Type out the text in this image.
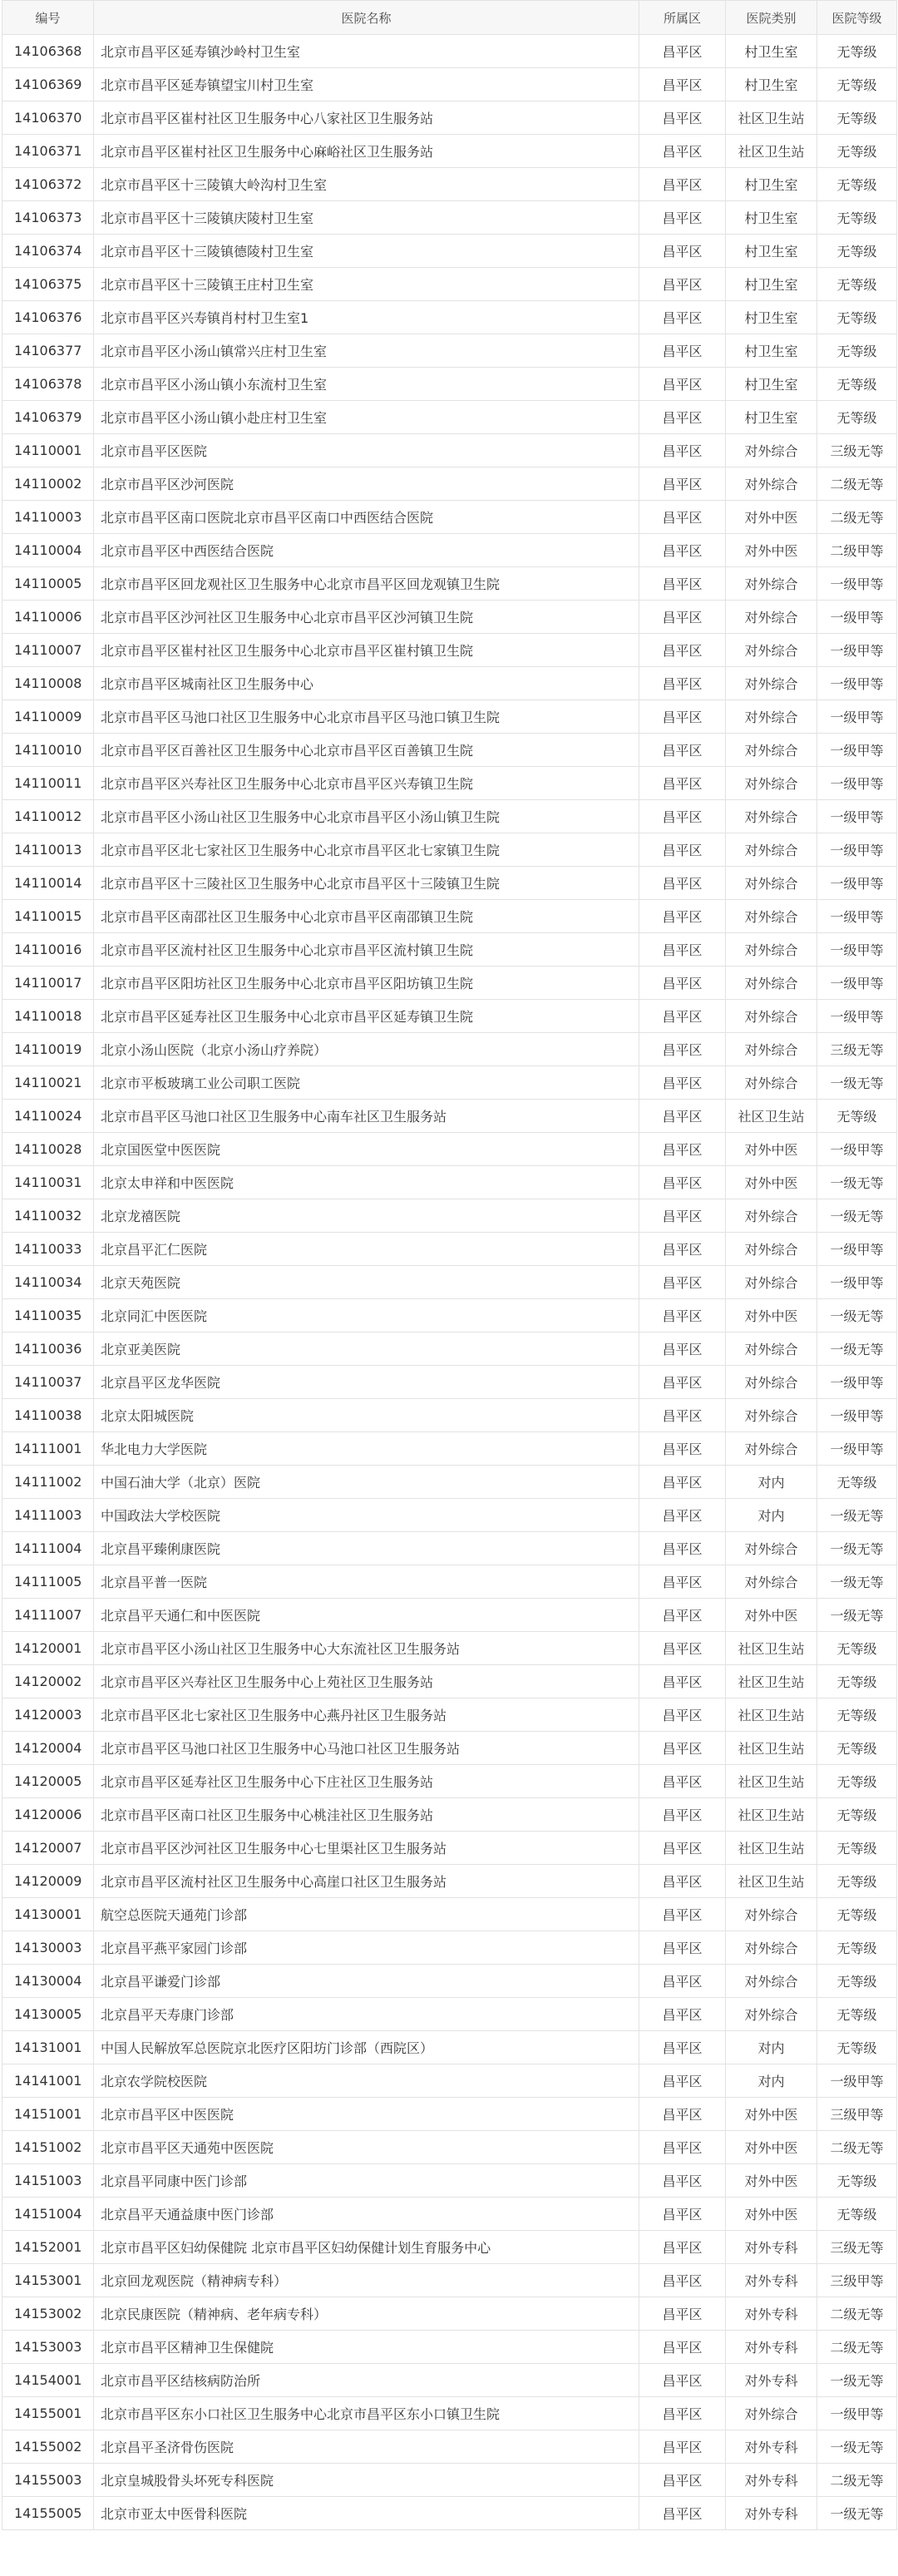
编号	医院名称	所属区	医院类别	医院等级
14106368	北京市昌平区延寿镇沙岭村卫生室	昌平区	村卫生室	无等级
14106369	北京市昌平区延寿镇望宝川村卫生室	昌平区	村卫生室	无等级
14106370	北京市昌平区崔村社区卫生服务中心八家社区卫生服务站	昌平区	社区卫生站	无等级
14106371	北京市昌平区崔村社区卫生服务中心麻峪社区卫生服务站	昌平区	社区卫生站	无等级
14106372	北京市昌平区十三陵镇大岭沟村卫生室	昌平区	村卫生室	无等级
14106373	北京市昌平区十三陵镇庆陵村卫生室	昌平区	村卫生室	无等级
14106374	北京市昌平区十三陵镇德陵村卫生室	昌平区	村卫生室	无等级
14106375	北京市昌平区十三陵镇王庄村卫生室	昌平区	村卫生室	无等级
14106376	北京市昌平区兴寿镇肖村村卫生室1	昌平区	村卫生室	无等级
14106377	北京市昌平区小汤山镇常兴庄村卫生室	昌平区	村卫生室	无等级
14106378	北京市昌平区小汤山镇小东流村卫生室	昌平区	村卫生室	无等级
14106379	北京市昌平区小汤山镇小赴庄村卫生室	昌平区	村卫生室	无等级
14110001	北京市昌平区医院	昌平区	对外综合	三级无等
14110002	北京市昌平区沙河医院	昌平区	对外综合	二级无等
14110003	北京市昌平区南口医院北京市昌平区南口中西医结合医院	昌平区	对外中医	二级无等
14110004	北京市昌平区中西医结合医院	昌平区	对外中医	二级甲等
14110005	北京市昌平区回龙观社区卫生服务中心北京市昌平区回龙观镇卫生院	昌平区	对外综合	一级甲等
14110006	北京市昌平区沙河社区卫生服务中心北京市昌平区沙河镇卫生院	昌平区	对外综合	一级甲等
14110007	北京市昌平区崔村社区卫生服务中心北京市昌平区崔村镇卫生院	昌平区	对外综合	一级甲等
14110008	北京市昌平区城南社区卫生服务中心	昌平区	对外综合	一级甲等
14110009	北京市昌平区马池口社区卫生服务中心北京市昌平区马池口镇卫生院	昌平区	对外综合	一级甲等
14110010	北京市昌平区百善社区卫生服务中心北京市昌平区百善镇卫生院	昌平区	对外综合	一级甲等
14110011	北京市昌平区兴寿社区卫生服务中心北京市昌平区兴寿镇卫生院	昌平区	对外综合	一级甲等
14110012	北京市昌平区小汤山社区卫生服务中心北京市昌平区小汤山镇卫生院	昌平区	对外综合	一级甲等
14110013	北京市昌平区北七家社区卫生服务中心北京市昌平区北七家镇卫生院	昌平区	对外综合	一级甲等
14110014	北京市昌平区十三陵社区卫生服务中心北京市昌平区十三陵镇卫生院	昌平区	对外综合	一级甲等
14110015	北京市昌平区南邵社区卫生服务中心北京市昌平区南邵镇卫生院	昌平区	对外综合	一级甲等
14110016	北京市昌平区流村社区卫生服务中心北京市昌平区流村镇卫生院	昌平区	对外综合	一级甲等
14110017	北京市昌平区阳坊社区卫生服务中心北京市昌平区阳坊镇卫生院	昌平区	对外综合	一级甲等
14110018	北京市昌平区延寿社区卫生服务中心北京市昌平区延寿镇卫生院	昌平区	对外综合	一级甲等
14110019	北京小汤山医院（北京小汤山疗养院）	昌平区	对外综合	三级无等
14110021	北京市平板玻璃工业公司职工医院	昌平区	对外综合	一级无等
14110024	北京市昌平区马池口社区卫生服务中心南车社区卫生服务站	昌平区	社区卫生站	无等级
14110028	北京国医堂中医医院	昌平区	对外中医	一级甲等
14110031	北京太申祥和中医医院	昌平区	对外中医	一级无等
14110032	北京龙禧医院	昌平区	对外综合	一级无等
14110033	北京昌平汇仁医院	昌平区	对外综合	一级甲等
14110034	北京天苑医院	昌平区	对外综合	一级甲等
14110035	北京同汇中医医院	昌平区	对外中医	一级无等
14110036	北京亚美医院	昌平区	对外综合	一级无等
14110037	北京昌平区龙华医院	昌平区	对外综合	一级甲等
14110038	北京太阳城医院	昌平区	对外综合	一级甲等
14111001	华北电力大学医院	昌平区	对外综合	一级甲等
14111002	中国石油大学（北京）医院	昌平区	对内	无等级
14111003	中国政法大学校医院	昌平区	对内	一级无等
14111004	北京昌平臻俐康医院	昌平区	对外综合	一级无等
14111005	北京昌平普一医院	昌平区	对外综合	一级无等
14111007	北京昌平天通仁和中医医院	昌平区	对外中医	一级无等
14120001	北京市昌平区小汤山社区卫生服务中心大东流社区卫生服务站	昌平区	社区卫生站	无等级
14120002	北京市昌平区兴寿社区卫生服务中心上苑社区卫生服务站	昌平区	社区卫生站	无等级
14120003	北京市昌平区北七家社区卫生服务中心燕丹社区卫生服务站	昌平区	社区卫生站	无等级
14120004	北京市昌平区马池口社区卫生服务中心马池口社区卫生服务站	昌平区	社区卫生站	无等级
14120005	北京市昌平区延寿社区卫生服务中心下庄社区卫生服务站	昌平区	社区卫生站	无等级
14120006	北京市昌平区南口社区卫生服务中心桃洼社区卫生服务站	昌平区	社区卫生站	无等级
14120007	北京市昌平区沙河社区卫生服务中心七里渠社区卫生服务站	昌平区	社区卫生站	无等级
14120009	北京市昌平区流村社区卫生服务中心高崖口社区卫生服务站	昌平区	社区卫生站	无等级
14130001	航空总医院天通苑门诊部	昌平区	对外综合	无等级
14130003	北京昌平燕平家园门诊部	昌平区	对外综合	无等级
14130004	北京昌平谦爱门诊部	昌平区	对外综合	无等级
14130005	北京昌平天寿康门诊部	昌平区	对外综合	无等级
14131001	中国人民解放军总医院京北医疗区阳坊门诊部（西院区）	昌平区	对内	无等级
14141001	北京农学院校医院	昌平区	对内	一级甲等
14151001	北京市昌平区中医医院	昌平区	对外中医	三级甲等
14151002	北京市昌平区天通苑中医医院	昌平区	对外中医	二级无等
14151003	北京昌平同康中医门诊部	昌平区	对外中医	无等级
14151004	北京昌平天通益康中医门诊部	昌平区	对外中医	无等级
14152001	北京市昌平区妇幼保健院 北京市昌平区妇幼保健计划生育服务中心	昌平区	对外专科	三级无等
14153001	北京回龙观医院（精神病专科）	昌平区	对外专科	三级甲等
14153002	北京民康医院（精神病、老年病专科）	昌平区	对外专科	二级无等
14153003	北京市昌平区精神卫生保健院	昌平区	对外专科	二级无等
14154001	北京市昌平区结核病防治所	昌平区	对外专科	一级无等
14155001	北京市昌平区东小口社区卫生服务中心北京市昌平区东小口镇卫生院	昌平区	对外综合	一级甲等
14155002	北京昌平圣济骨伤医院	昌平区	对外专科	一级无等
14155003	北京皇城股骨头坏死专科医院	昌平区	对外专科	二级无等
14155005	北京市亚太中医骨科医院	昌平区	对外专科	一级无等
